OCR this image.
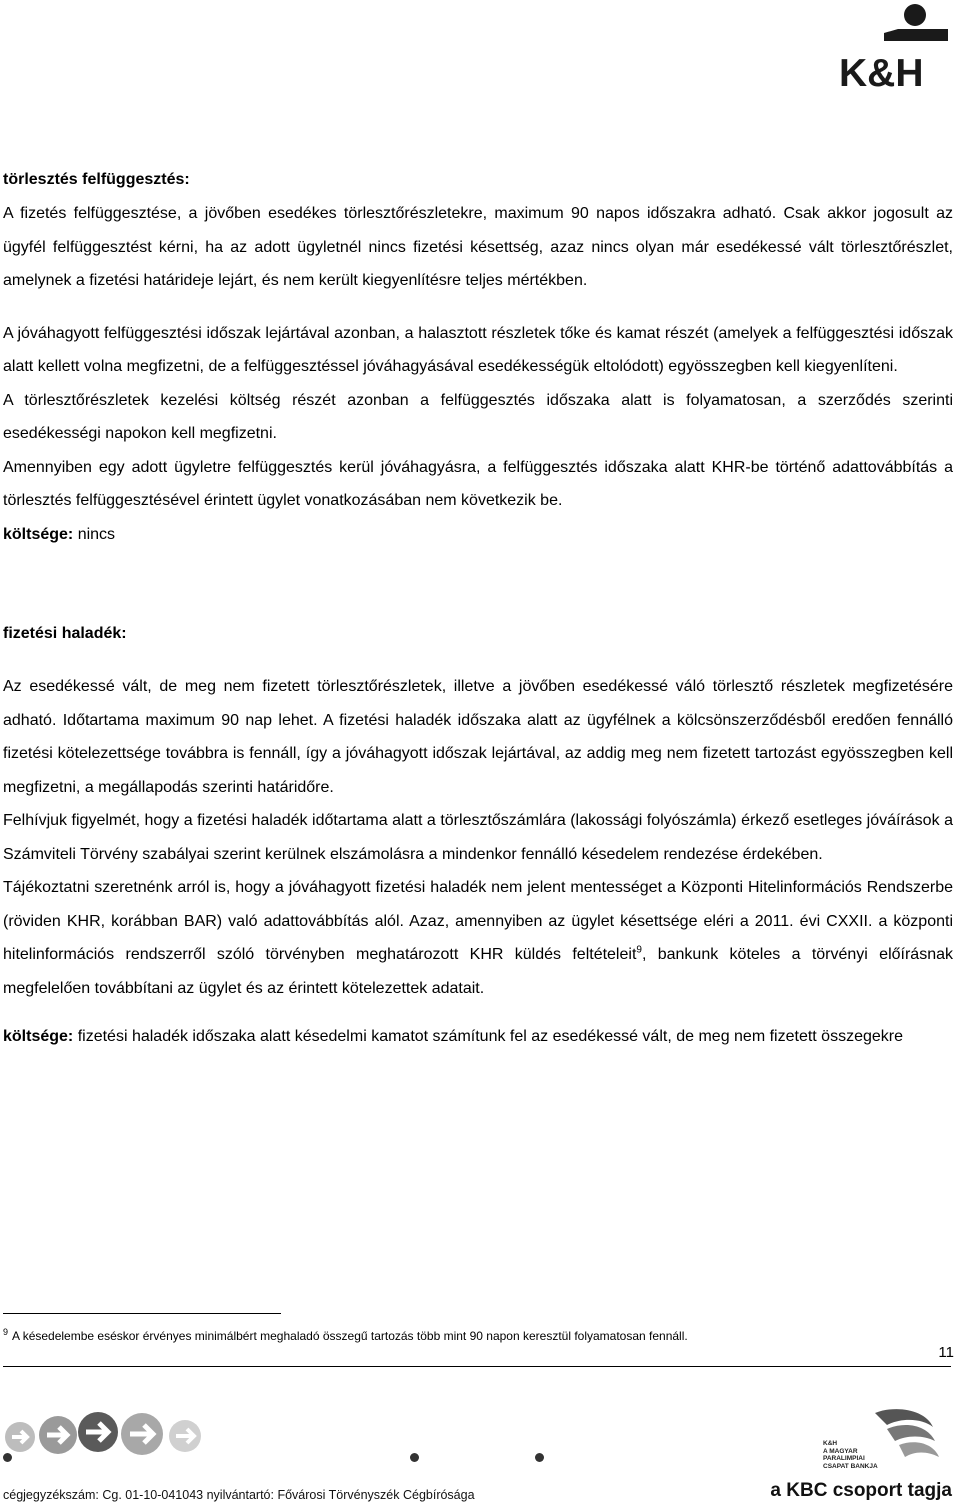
K&H

törlesztés felfüggesztés:

A fizetés felfüggesztése, a jövőben esedékes törlesztőrészletekre, maximum 90 napos időszakra adható. Csak akkor jogosult az ügyfél felfüggesztést kérni, ha az adott ügyletnél nincs fizetési késettség, azaz nincs olyan már esedékessé vált törlesztőrészlet, amelynek a fizetési határideje lejárt, és nem került kiegyenlítésre teljes mértékben.

A jóváhagyott felfüggesztési időszak lejártával azonban, a halasztott részletek tőke és kamat részét (amelyek a felfüggesztési időszak alatt kellett volna megfizetni, de a felfüggesztéssel jóváhagyásával esedékességük eltolódott) egyösszegben kell kiegyenlíteni.

A törlesztőrészletek kezelési költség részét azonban a felfüggesztés időszaka alatt is folyamatosan, a szerződés szerinti esedékességi napokon kell megfizetni.

Amennyiben egy adott ügyletre felfüggesztés kerül jóváhagyásra, a felfüggesztés időszaka alatt KHR-be történő adattovábbítás a törlesztés felfüggesztésével érintett ügylet vonatkozásában nem következik be.

költsége: nincs

fizetési haladék:

Az esedékessé vált, de meg nem fizetett törlesztőrészletek, illetve a jövőben esedékessé váló törlesztő részletek megfizetésére adható. Időtartama maximum 90 nap lehet. A fizetési haladék időszaka alatt az ügyfélnek a kölcsönszerződésből eredően fennálló fizetési kötelezettsége továbbra is fennáll, így a jóváhagyott időszak lejártával, az addig meg nem fizetett tartozást egyösszegben kell megfizetni, a megállapodás szerinti határidőre.

Felhívjuk figyelmét, hogy a fizetési haladék időtartama alatt a törlesztőszámlára (lakossági folyószámla) érkező esetleges jóváírások a Számviteli Törvény szabályai szerint kerülnek elszámolásra a mindenkor fennálló késedelem rendezése érdekében.

Tájékoztatni szeretnénk arról is, hogy a jóváhagyott fizetési haladék nem jelent mentességet a Központi Hitelinformációs Rendszerbe (röviden KHR, korábban BAR) való adattovábbítás alól. Azaz, amennyiben az ügylet késettsége eléri a 2011. évi CXXII. a központi hitelinformációs rendszerről szóló törvényben meghatározott KHR küldés feltételeit$^9$, bankunk köteles a törvényi előírásnak megfelelően továbbítani az ügylet és az érintett kötelezettek adatait.

költsége: fizetési haladék időszaka alatt késedelmi kamatot számítunk fel az esedékessé vált, de meg nem fizetett összegekre

$^9$ A késedelembe eséskor érvényes minimálbért meghaladó összegű tartozás több mint 90 napon keresztül folyamatosan fennáll.
11
K&H
A MAGYAR
PARALIMPIAI
CSAPAT BANKJA
cégjegyzékszám: Cg. 01-10-041043 nyilvántartó: Fővárosi Törvényszék Cégbírósága	a KBC csoport tagja
